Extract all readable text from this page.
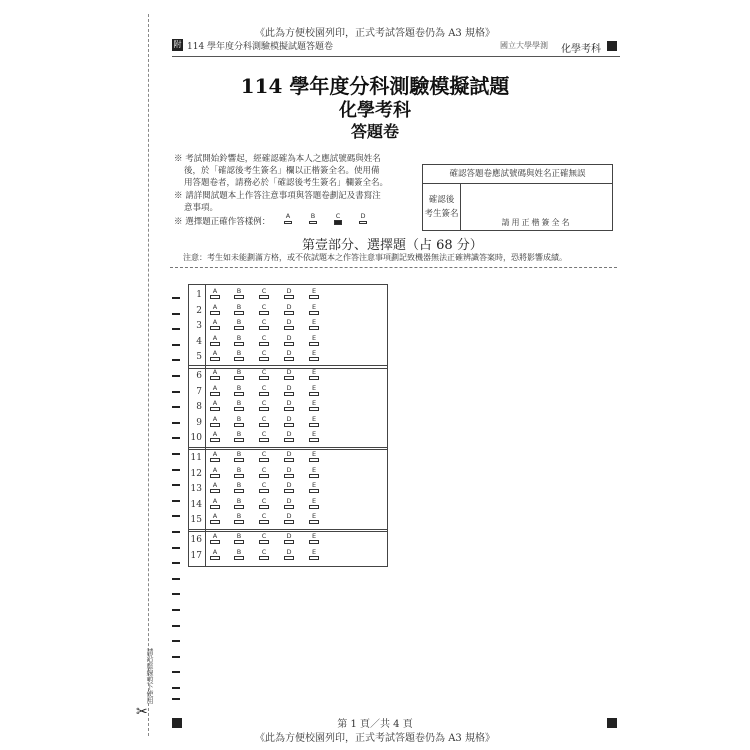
請沿虛線剪下使用
✂
《此為方便校園列印，正式考試答題卷仍為 A3 規格》
附 114 學年度分科測驗模擬試題答題卷	國立大學學測 化學考科
114 學年度分科測驗模擬試題
化學考科
答題卷
※ 考試開始鈴響起，經確認確為本人之應試號碼與姓名
後，於「確認後考生簽名」欄以正楷簽全名。使用備
用答題卷者，請務必於「確認後考生簽名」欄簽全名。
※ 請詳閱試題本上作答注意事項與答題卷劃記及書寫注
意事項。
※ 選擇題正確作答樣例：
A	B	C	D
確認答題卷應試號碼與姓名正確無誤
確認後
考生簽名
請用正楷簽全名
第壹部分、選擇題（占 68 分）
注意：考生如未能劃滿方格，或不依試題本之作答注意事項劃記致機器無法正確辨識答案時，恐將影響成績。
1	A	B	C	D	E
2	A	B	C	D	E
3	A	B	C	D	E
4	A	B	C	D	E
5	A	B	C	D	E
6	A	B	C	D	E
7	A	B	C	D	E
8	A	B	C	D	E
9	A	B	C	D	E
10	A	B	C	D	E
11	A	B	C	D	E
12	A	B	C	D	E
13	A	B	C	D	E
14	A	B	C	D	E
15	A	B	C	D	E
16	A	B	C	D	E
17	A	B	C	D	E
第 1 頁／共 4 頁
《此為方便校園列印，正式考試答題卷仍為 A3 規格》
